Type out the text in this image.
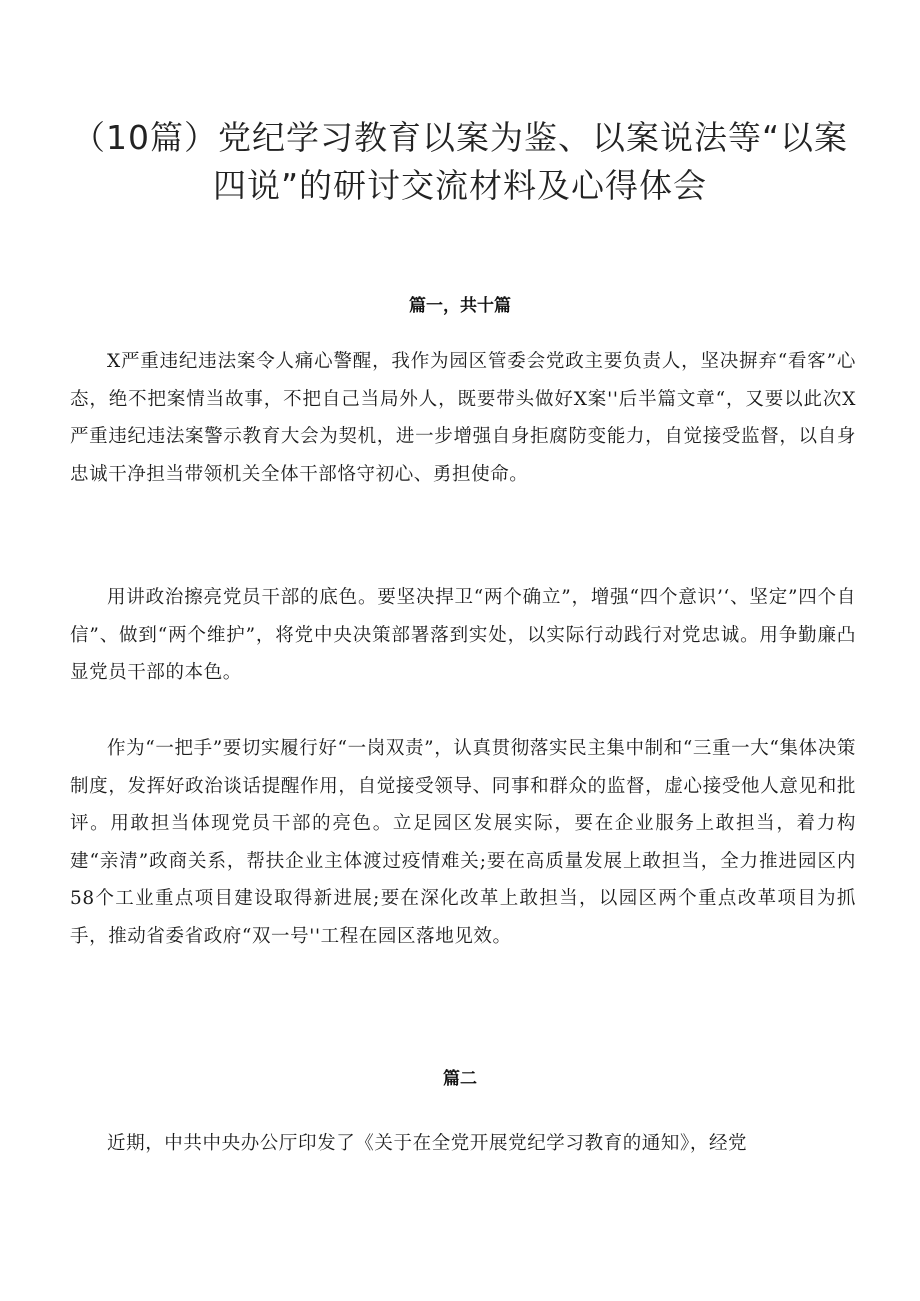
（10篇）党纪学习教育以案为鉴、以案说法等“以案四说”的研讨交流材料及心得体会
篇一，共十篇

X严重违纪违法案令人痛心警醒，我作为园区管委会党政主要负责人，坚决摒弃“看客”心态，绝不把案情当故事，不把自己当局外人，既要带头做好X案''后半篇文章“，又要以此次X严重违纪违法案警示教育大会为契机，进一步增强自身拒腐防变能力，自觉接受监督，以自身忠诚干净担当带领机关全体干部恪守初心、勇担使命。

用讲政治擦亮党员干部的底色。要坚决捍卫“两个确立”，增强“四个意识’‘、坚定”四个自信”、做到“两个维护”，将党中央决策部署落到实处，以实际行动践行对党忠诚。用争勤廉凸显党员干部的本色。

作为“一把手”要切实履行好“一岗双责”，认真贯彻落实民主集中制和“三重一大“集体决策制度，发挥好政治谈话提醒作用，自觉接受领导、同事和群众的监督，虚心接受他人意见和批评。用敢担当体现党员干部的亮色。立足园区发展实际，要在企业服务上敢担当，着力构建“亲清”政商关系，帮扶企业主体渡过疫情难关;要在高质量发展上敢担当，全力推进园区内58个工业重点项目建设取得新进展;要在深化改革上敢担当，以园区两个重点改革项目为抓手，推动省委省政府“双一号''工程在园区落地见效。

篇二

近期，中共中央办公厅印发了《关于在全党开展党纪学习教育的通知》，经党
